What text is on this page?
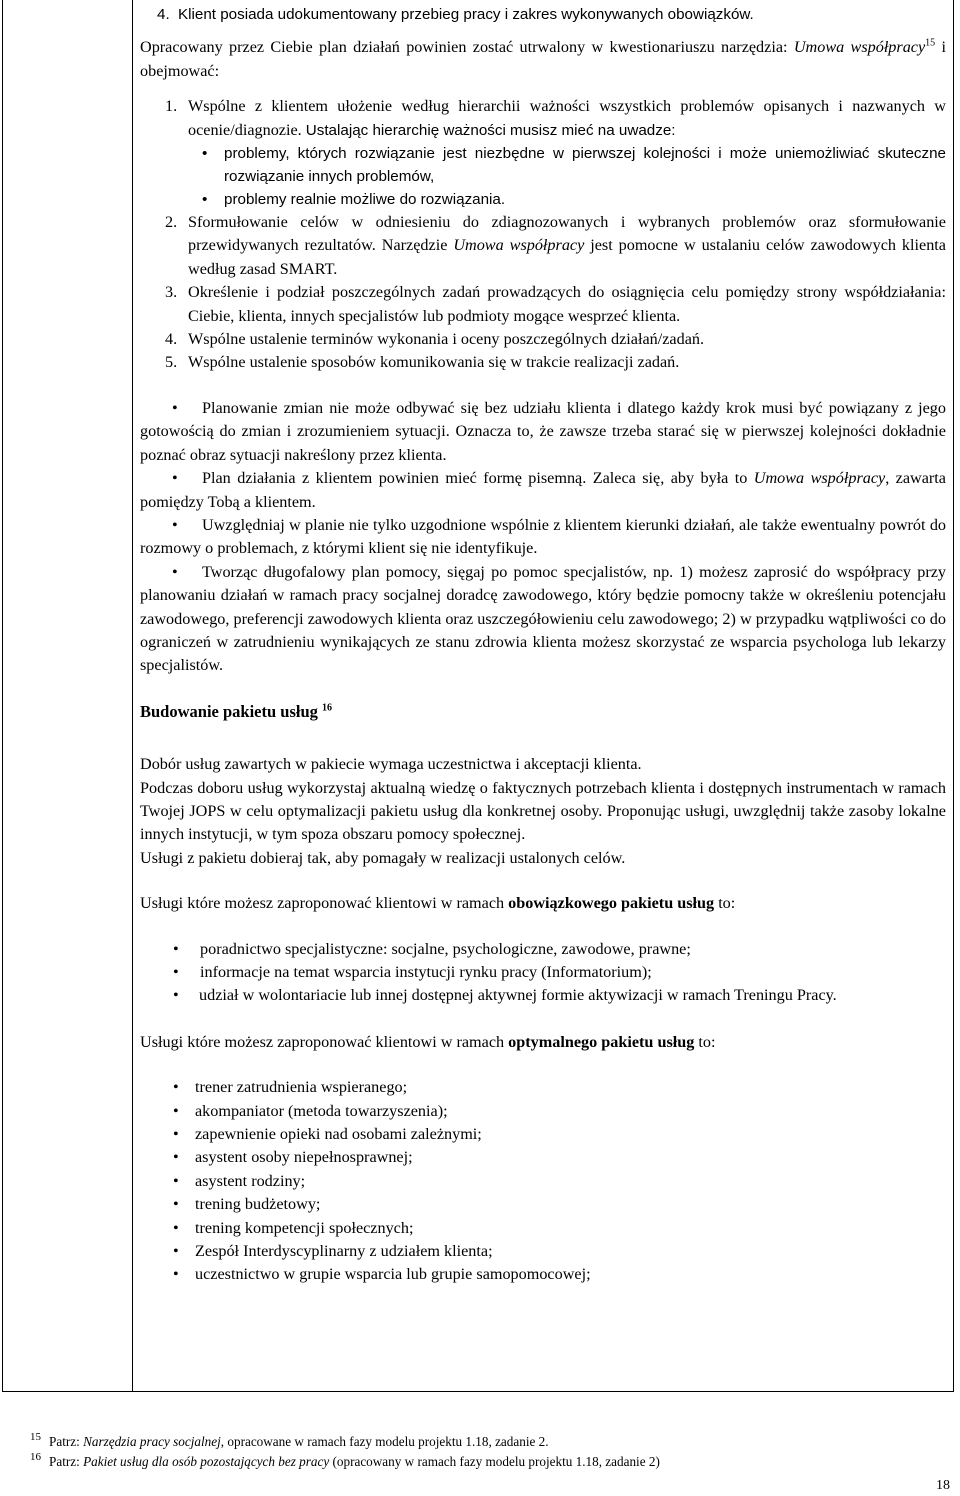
4. Klient posiada udokumentowany przebieg pracy i zakres wykonywanych obowiązków.

Opracowany przez Ciebie plan działań powinien zostać utrwalony w kwestionariuszu narzędzia: Umowa współpracy$^{15}$ i obejmować:

1. Wspólne z klientem ułożenie według hierarchii ważności wszystkich problemów opisanych i nazwanych w ocenie/diagnozie. Ustalając hierarchię ważności musisz mieć na uwadze:
• problemy, których rozwiązanie jest niezbędne w pierwszej kolejności i może uniemożliwiać skuteczne rozwiązanie innych problemów,
• problemy realnie możliwe do rozwiązania.
2. Sformułowanie celów w odniesieniu do zdiagnozowanych i wybranych problemów oraz sformułowanie przewidywanych rezultatów. Narzędzie Umowa współpracy jest pomocne w ustalaniu celów zawodowych klienta według zasad SMART.
3. Określenie i podział poszczególnych zadań prowadzących do osiągnięcia celu pomiędzy strony współdziałania: Ciebie, klienta, innych specjalistów lub podmioty mogące wesprzeć klienta.
4. Wspólne ustalenie terminów wykonania i oceny poszczególnych działań/zadań.
5. Wspólne ustalenie sposobów komunikowania się w trakcie realizacji zadań.

• Planowanie zmian nie może odbywać się bez udziału klienta i dlatego każdy krok musi być powiązany z jego gotowością do zmian i zrozumieniem sytuacji. Oznacza to, że zawsze trzeba starać się w pierwszej kolejności dokładnie poznać obraz sytuacji nakreślony przez klienta.

• Plan działania z klientem powinien mieć formę pisemną. Zaleca się, aby była to Umowa współpracy, zawarta pomiędzy Tobą a klientem.

• Uwzględniaj w planie nie tylko uzgodnione wspólnie z klientem kierunki działań, ale także ewentualny powrót do rozmowy o problemach, z którymi klient się nie identyfikuje.

• Tworząc długofalowy plan pomocy, sięgaj po pomoc specjalistów, np. 1) możesz zaprosić do współpracy przy planowaniu działań w ramach pracy socjalnej doradcę zawodowego, który będzie pomocny także w określeniu potencjału zawodowego, preferencji zawodowych klienta oraz uszczegółowieniu celu zawodowego; 2) w przypadku wątpliwości co do ograniczeń w zatrudnieniu wynikających ze stanu zdrowia klienta możesz skorzystać ze wsparcia psychologa lub lekarzy specjalistów.

Budowanie pakietu usług $^{16}$

Dobór usług zawartych w pakiecie wymaga uczestnictwa i akceptacji klienta.

Podczas doboru usług wykorzystaj aktualną wiedzę o faktycznych potrzebach klienta i dostępnych instrumentach w ramach Twojej JOPS w celu optymalizacji pakietu usług dla konkretnej osoby. Proponując usługi, uwzględnij także zasoby lokalne innych instytucji, w tym spoza obszaru pomocy społecznej.

Usługi z pakietu dobieraj tak, aby pomagały w realizacji ustalonych celów.

Usługi które możesz zaproponować klientowi w ramach obowiązkowego pakietu usług to:

• poradnictwo specjalistyczne: socjalne, psychologiczne, zawodowe, prawne;
• informacje na temat wsparcia instytucji rynku pracy (Informatorium);
• udział w wolontariacie lub innej dostępnej aktywnej formie aktywizacji w ramach Treningu Pracy.

Usługi które możesz zaproponować klientowi w ramach optymalnego pakietu usług to:

• trener zatrudnienia wspieranego;
• akompaniator (metoda towarzyszenia);
• zapewnienie opieki nad osobami zależnymi;
• asystent osoby niepełnosprawnej;
• asystent rodziny;
• trening budżetowy;
• trening kompetencji społecznych;
• Zespół Interdyscyplinarny z udziałem klienta;
• uczestnictwo w grupie wsparcia lub grupie samopomocowej;
15 Patrz: Narzędzia pracy socjalnej, opracowane w ramach fazy modelu projektu 1.18, zadanie 2.
16 Patrz: Pakiet usług dla osób pozostających bez pracy (opracowany w ramach fazy modelu projektu 1.18, zadanie 2)
18
